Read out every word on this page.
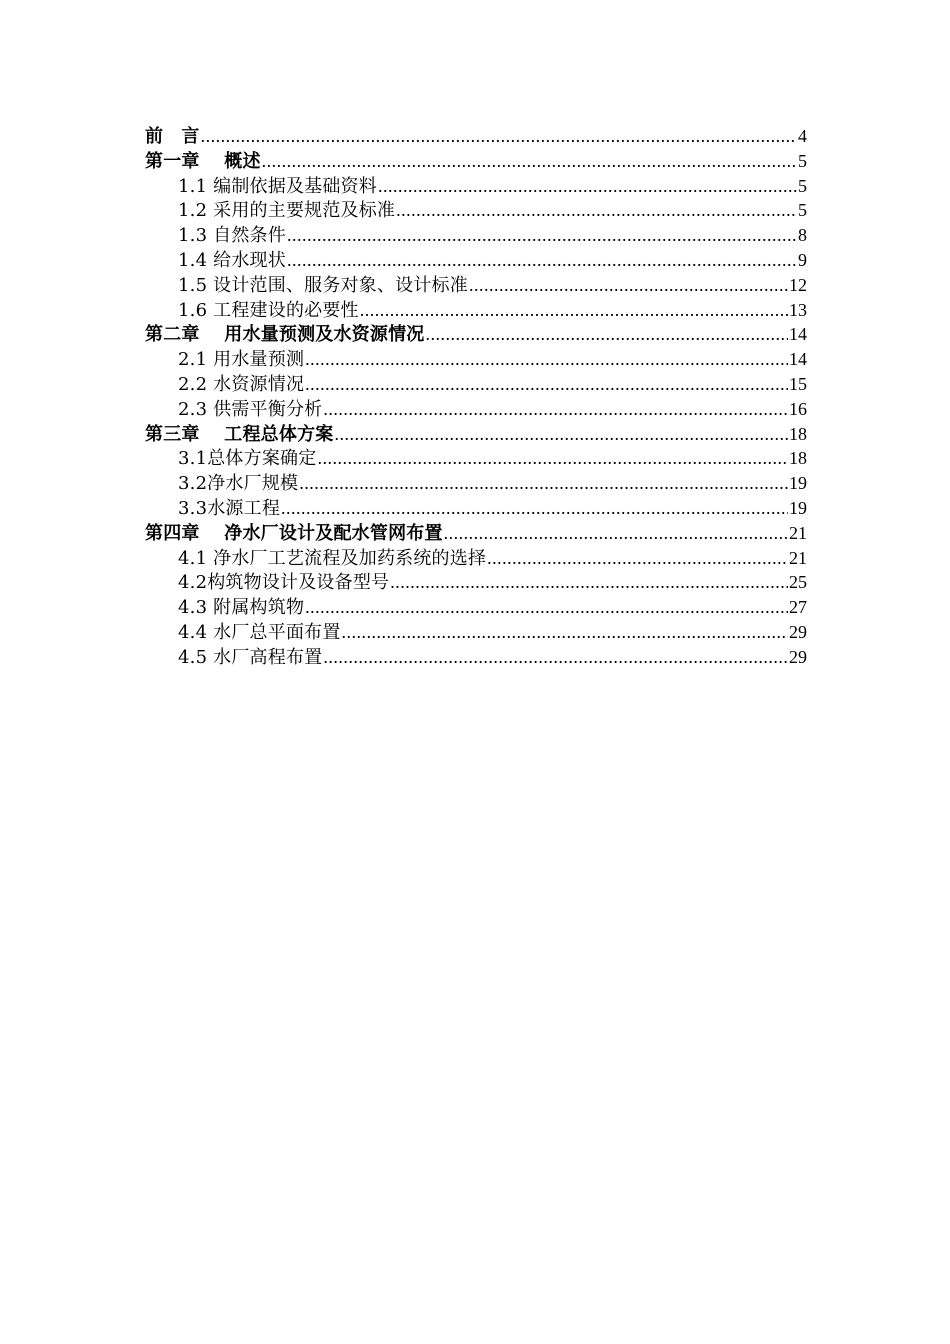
前　言 .....	4
第一章　 概述 .....	5
1.1 编制依据及基础资料 .....	5
1.2 采用的主要规范及标准 .....	5
1.3 自然条件 .....	8
1.4 给水现状 .....	9
1.5 设计范围、服务对象、设计标准 .....	12
1.6 工程建设的必要性 .....	13
第二章　 用水量预测及水资源情况 .....	14
2.1 用水量预测 .....	14
2.2 水资源情况 .....	15
2.3 供需平衡分析 .....	16
第三章　 工程总体方案 .....	18
3.1总体方案确定 .....	18
3.2净水厂规模 .....	19
3.3水源工程 .....	19
第四章　 净水厂设计及配水管网布置 .....	21
4.1 净水厂工艺流程及加药系统的选择 .....	21
4.2构筑物设计及设备型号 .....	25
4.3 附属构筑物 .....	27
4.4 水厂总平面布置 .....	29
4.5 水厂高程布置 .....	29
